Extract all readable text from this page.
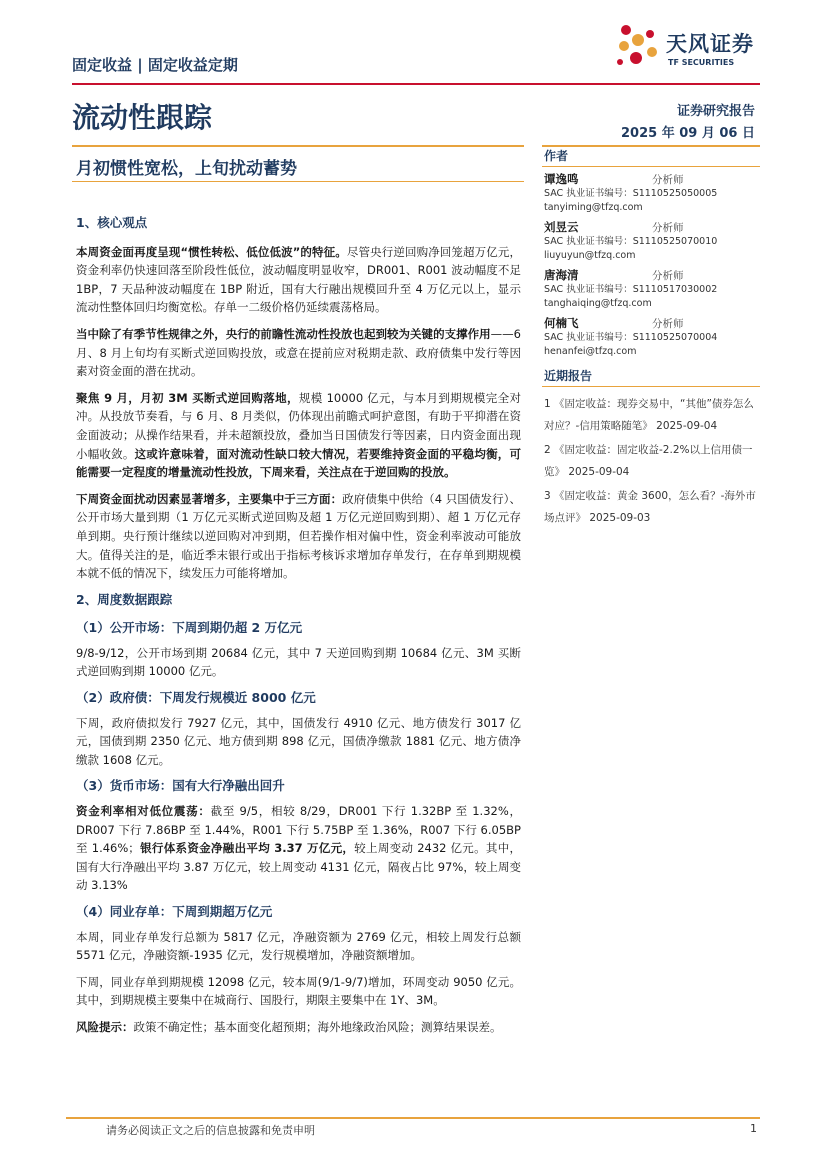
固定收益 | 固定收益定期
天风证券
TF SECURITIES
流动性跟踪	证券研究报告
2025 年 09 月 06 日
月初惯性宽松，上旬扰动蓄势
1、核心观点

本周资金面再度呈现“惯性转松、低位低波”的特征。尽管央行逆回购净回笼超万亿元，资金利率仍快速回落至阶段性低位，波动幅度明显收窄，DR001、R001 波动幅度不足 1BP，7 天品种波动幅度在 1BP 附近，国有大行融出规模回升至 4 万亿元以上，显示流动性整体回归均衡宽松。存单一二级价格仍延续震荡格局。

当中除了有季节性规律之外，央行的前瞻性流动性投放也起到较为关键的支撑作用——6 月、8 月上旬均有买断式逆回购投放，或意在提前应对税期走款、政府债集中发行等因素对资金面的潜在扰动。

聚焦 9 月，月初 3M 买断式逆回购落地，规模 10000 亿元，与本月到期规模完全对冲。从投放节奏看，与 6 月、8 月类似，仍体现出前瞻式呵护意图，有助于平抑潜在资金面波动；从操作结果看，并未超额投放，叠加当日国债发行等因素，日内资金面出现小幅收敛。这或许意味着，面对流动性缺口较大情况，若要维持资金面的平稳均衡，可能需要一定程度的增量流动性投放，下周来看，关注点在于逆回购的投放。

下周资金面扰动因素显著增多，主要集中于三方面：政府债集中供给（4 只国债发行）、公开市场大量到期（1 万亿元买断式逆回购及超 1 万亿元逆回购到期）、超 1 万亿元存单到期。央行预计继续以逆回购对冲到期，但若操作相对偏中性，资金利率波动可能放大。值得关注的是，临近季末银行或出于指标考核诉求增加存单发行，在存单到期规模本就不低的情况下，续发压力可能将增加。

2、周度数据跟踪
（1）公开市场：下周到期仍超 2 万亿元

9/8-9/12，公开市场到期 20684 亿元，其中 7 天逆回购到期 10684 亿元、3M 买断式逆回购到期 10000 亿元。

（2）政府债：下周发行规模近 8000 亿元

下周，政府债拟发行 7927 亿元，其中，国债发行 4910 亿元、地方债发行 3017 亿元，国债到期 2350 亿元、地方债到期 898 亿元，国债净缴款 1881 亿元、地方债净缴款 1608 亿元。

（3）货币市场：国有大行净融出回升

资金利率相对低位震荡：截至 9/5，相较 8/29，DR001 下行 1.32BP 至 1.32%，DR007 下行 7.86BP 至 1.44%，R001 下行 5.75BP 至 1.36%，R007 下行 6.05BP 至 1.46%；银行体系资金净融出平均 3.37 万亿元，较上周变动 2432 亿元。其中，国有大行净融出平均 3.87 万亿元，较上周变动 4131 亿元，隔夜占比 97%，较上周变动 3.13%

（4）同业存单：下周到期超万亿元

本周，同业存单发行总额为 5817 亿元，净融资额为 2769 亿元，相较上周发行总额 5571 亿元，净融资额-1935 亿元，发行规模增加，净融资额增加。

下周，同业存单到期规模 12098 亿元，较本周(9/1-9/7)增加，环周变动 9050 亿元。其中，到期规模主要集中在城商行、国股行，期限主要集中在 1Y、3M。

风险提示：政策不确定性；基本面变化超预期；海外地缘政治风险；测算结果误差。

作者
谭逸鸣	分析师
SAC 执业证书编号：S1110525050005
tanyiming@tfzq.com
刘昱云	分析师
SAC 执业证书编号：S1110525070010
liuyuyun@tfzq.com
唐海清	分析师
SAC 执业证书编号：S1110517030002
tanghaiqing@tfzq.com
何楠飞	分析师
SAC 执业证书编号：S1110525070004
henanfei@tfzq.com
近期报告
1 《固定收益：现券交易中，“其他”债券怎么对应？-信用策略随笔》 2025-09-04
2 《固定收益：固定收益-2.2%以上信用债一览》 2025-09-04
3 《固定收益：黄金 3600，怎么看？-海外市场点评》 2025-09-03
请务必阅读正文之后的信息披露和免责申明	1
